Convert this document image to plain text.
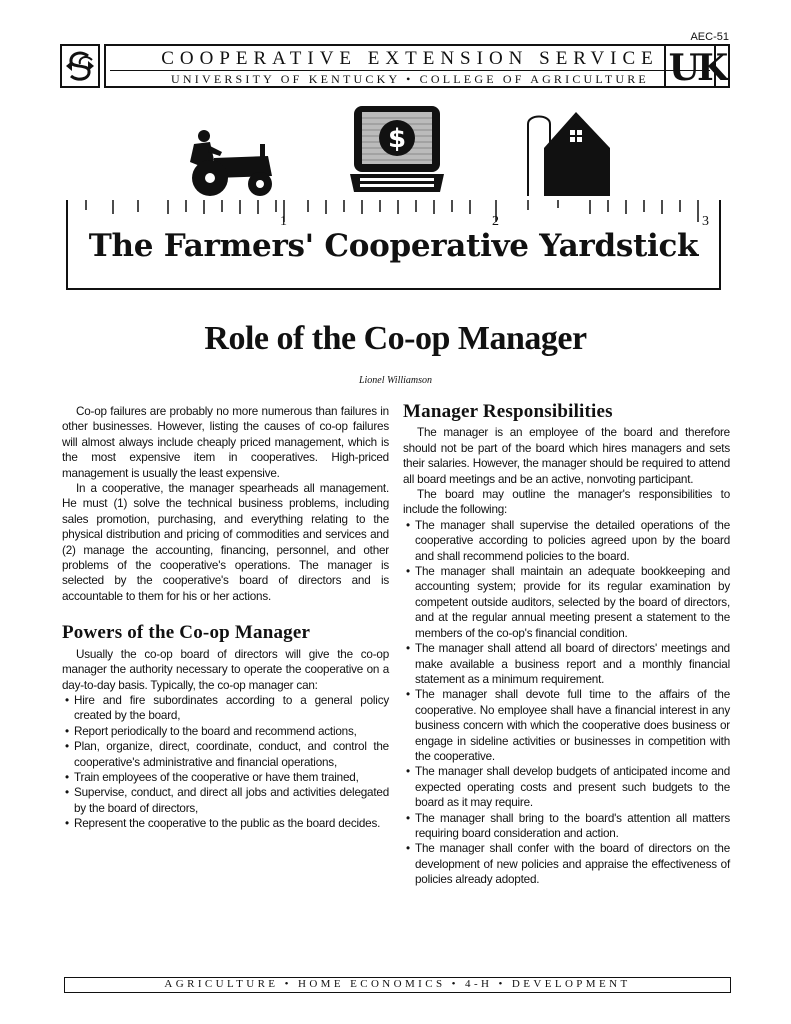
AEC-51
COOPERATIVE EXTENSION SERVICE
UNIVERSITY OF KENTUCKY • COLLEGE OF AGRICULTURE UK
$
1	2	3
The Farmers' Cooperative Yardstick
Role of the Co-op Manager
Lionel Williamson

Co-op failures are probably no more numerous than failures in other businesses. However, listing the causes of co-op failures will almost always include cheaply priced management, which is the most expensive item in cooperatives. High-priced management is usually the least expensive.

In a cooperative, the manager spearheads all management. He must (1) solve the technical business problems, including sales promotion, purchasing, and everything relating to the physical distribution and pricing of commodities and services and (2) manage the accounting, financing, personnel, and other problems of the cooperative's operations. The manager is selected by the cooperative's board of directors and is accountable to them for his or her actions.

Powers of the Co-op Manager

Usually the co-op board of directors will give the co-op manager the authority necessary to operate the cooperative on a day-to-day basis. Typically, the co-op manager can:

• Hire and fire subordinates according to a general policy created by the board,
• Report periodically to the board and recommend actions,
• Plan, organize, direct, coordinate, conduct, and control the cooperative's administrative and financial operations,
• Train employees of the cooperative or have them trained,
• Supervise, conduct, and direct all jobs and activities delegated by the board of directors,
• Represent the cooperative to the public as the board decides.
Manager Responsibilities

The manager is an employee of the board and therefore should not be part of the board which hires managers and sets their salaries. However, the manager should be required to attend all board meetings and be an active, nonvoting participant.

The board may outline the manager's responsibilities to include the following:

• The manager shall supervise the detailed operations of the cooperative according to policies agreed upon by the board and shall recommend policies to the board.
• The manager shall maintain an adequate bookkeeping and accounting system; provide for its regular examination by competent outside auditors, selected by the board of directors, and at the regular annual meeting present a statement to the members of the co-op's financial condition.
• The manager shall attend all board of directors' meetings and make available a business report and a monthly financial statement as a minimum requirement.
• The manager shall devote full time to the affairs of the cooperative. No employee shall have a financial interest in any business concern with which the cooperative does business or engage in sideline activities or businesses in competition with the cooperative.
• The manager shall develop budgets of anticipated income and expected operating costs and present such budgets to the board as it may require.
• The manager shall bring to the board's attention all matters requiring board consideration and action.
• The manager shall confer with the board of directors on the development of new policies and appraise the effectiveness of policies already adopted.
AGRICULTURE • HOME ECONOMICS • 4-H • DEVELOPMENT
